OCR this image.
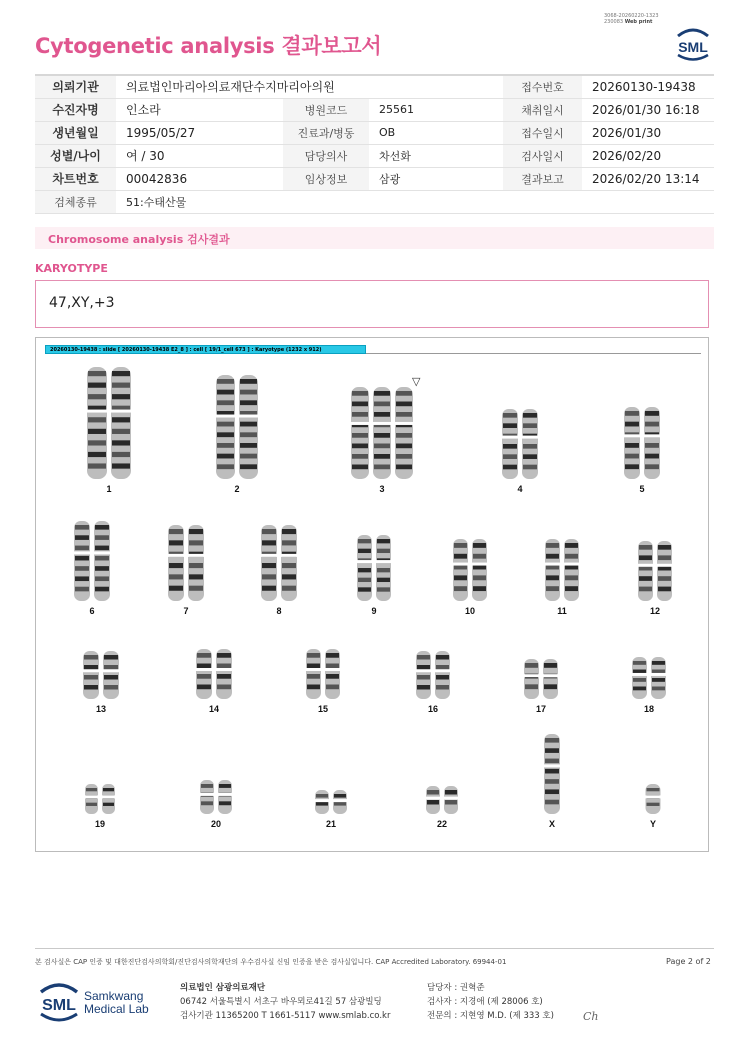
3068-20260220-1323
230083 Web print
Cytogenetic analysis 결과보고서	SML
의뢰기관	의료법인마리아의료재단수지마리아의원			접수번호	20260130-19438
수진자명	인소라	병원코드	25561	채취일시	2026/01/30 16:18
생년월일	1995/05/27	진료과/병동	OB	접수일시	2026/01/30
성별/나이	여 / 30	담당의사	차선화	검사일시	2026/02/20
차트번호	00042836	임상정보	삼광	결과보고	2026/02/20 13:14
검체종류	51:수태산물				
Chromosome analysis 검사결과
KARYOTYPE
47,XY,+3
20260130-19438 : slide [ 20260130-19438 E2_8 ] : cell [ 19/1_cell 673 ] : Karyotype (1232 x 912)
▽
1	2	3	4	5
6	7	8	9	10	11	12
13	14	15	16	17	18
19	20	21	22	X	Y
본 검사실은 CAP 인증 및 대한진단검사의학회/진단검사의학재단의 우수검사실 신임 인증을 받은 검사실입니다. CAP Accredited Laboratory. 69944-01	Page 2 of 2
SML
Samkwang
Medical Lab
의료법인 삼광의료재단
06742 서울특별시 서초구 바우뫼로41길 57 삼광빌딩
검사기관 11365200 T 1661-5117 www.smlab.co.kr
담당자 : 권혁준
검사자 : 지경애 (제 28006 호)
전문의 : 지현영 M.D. (제 333 호)	Ch
